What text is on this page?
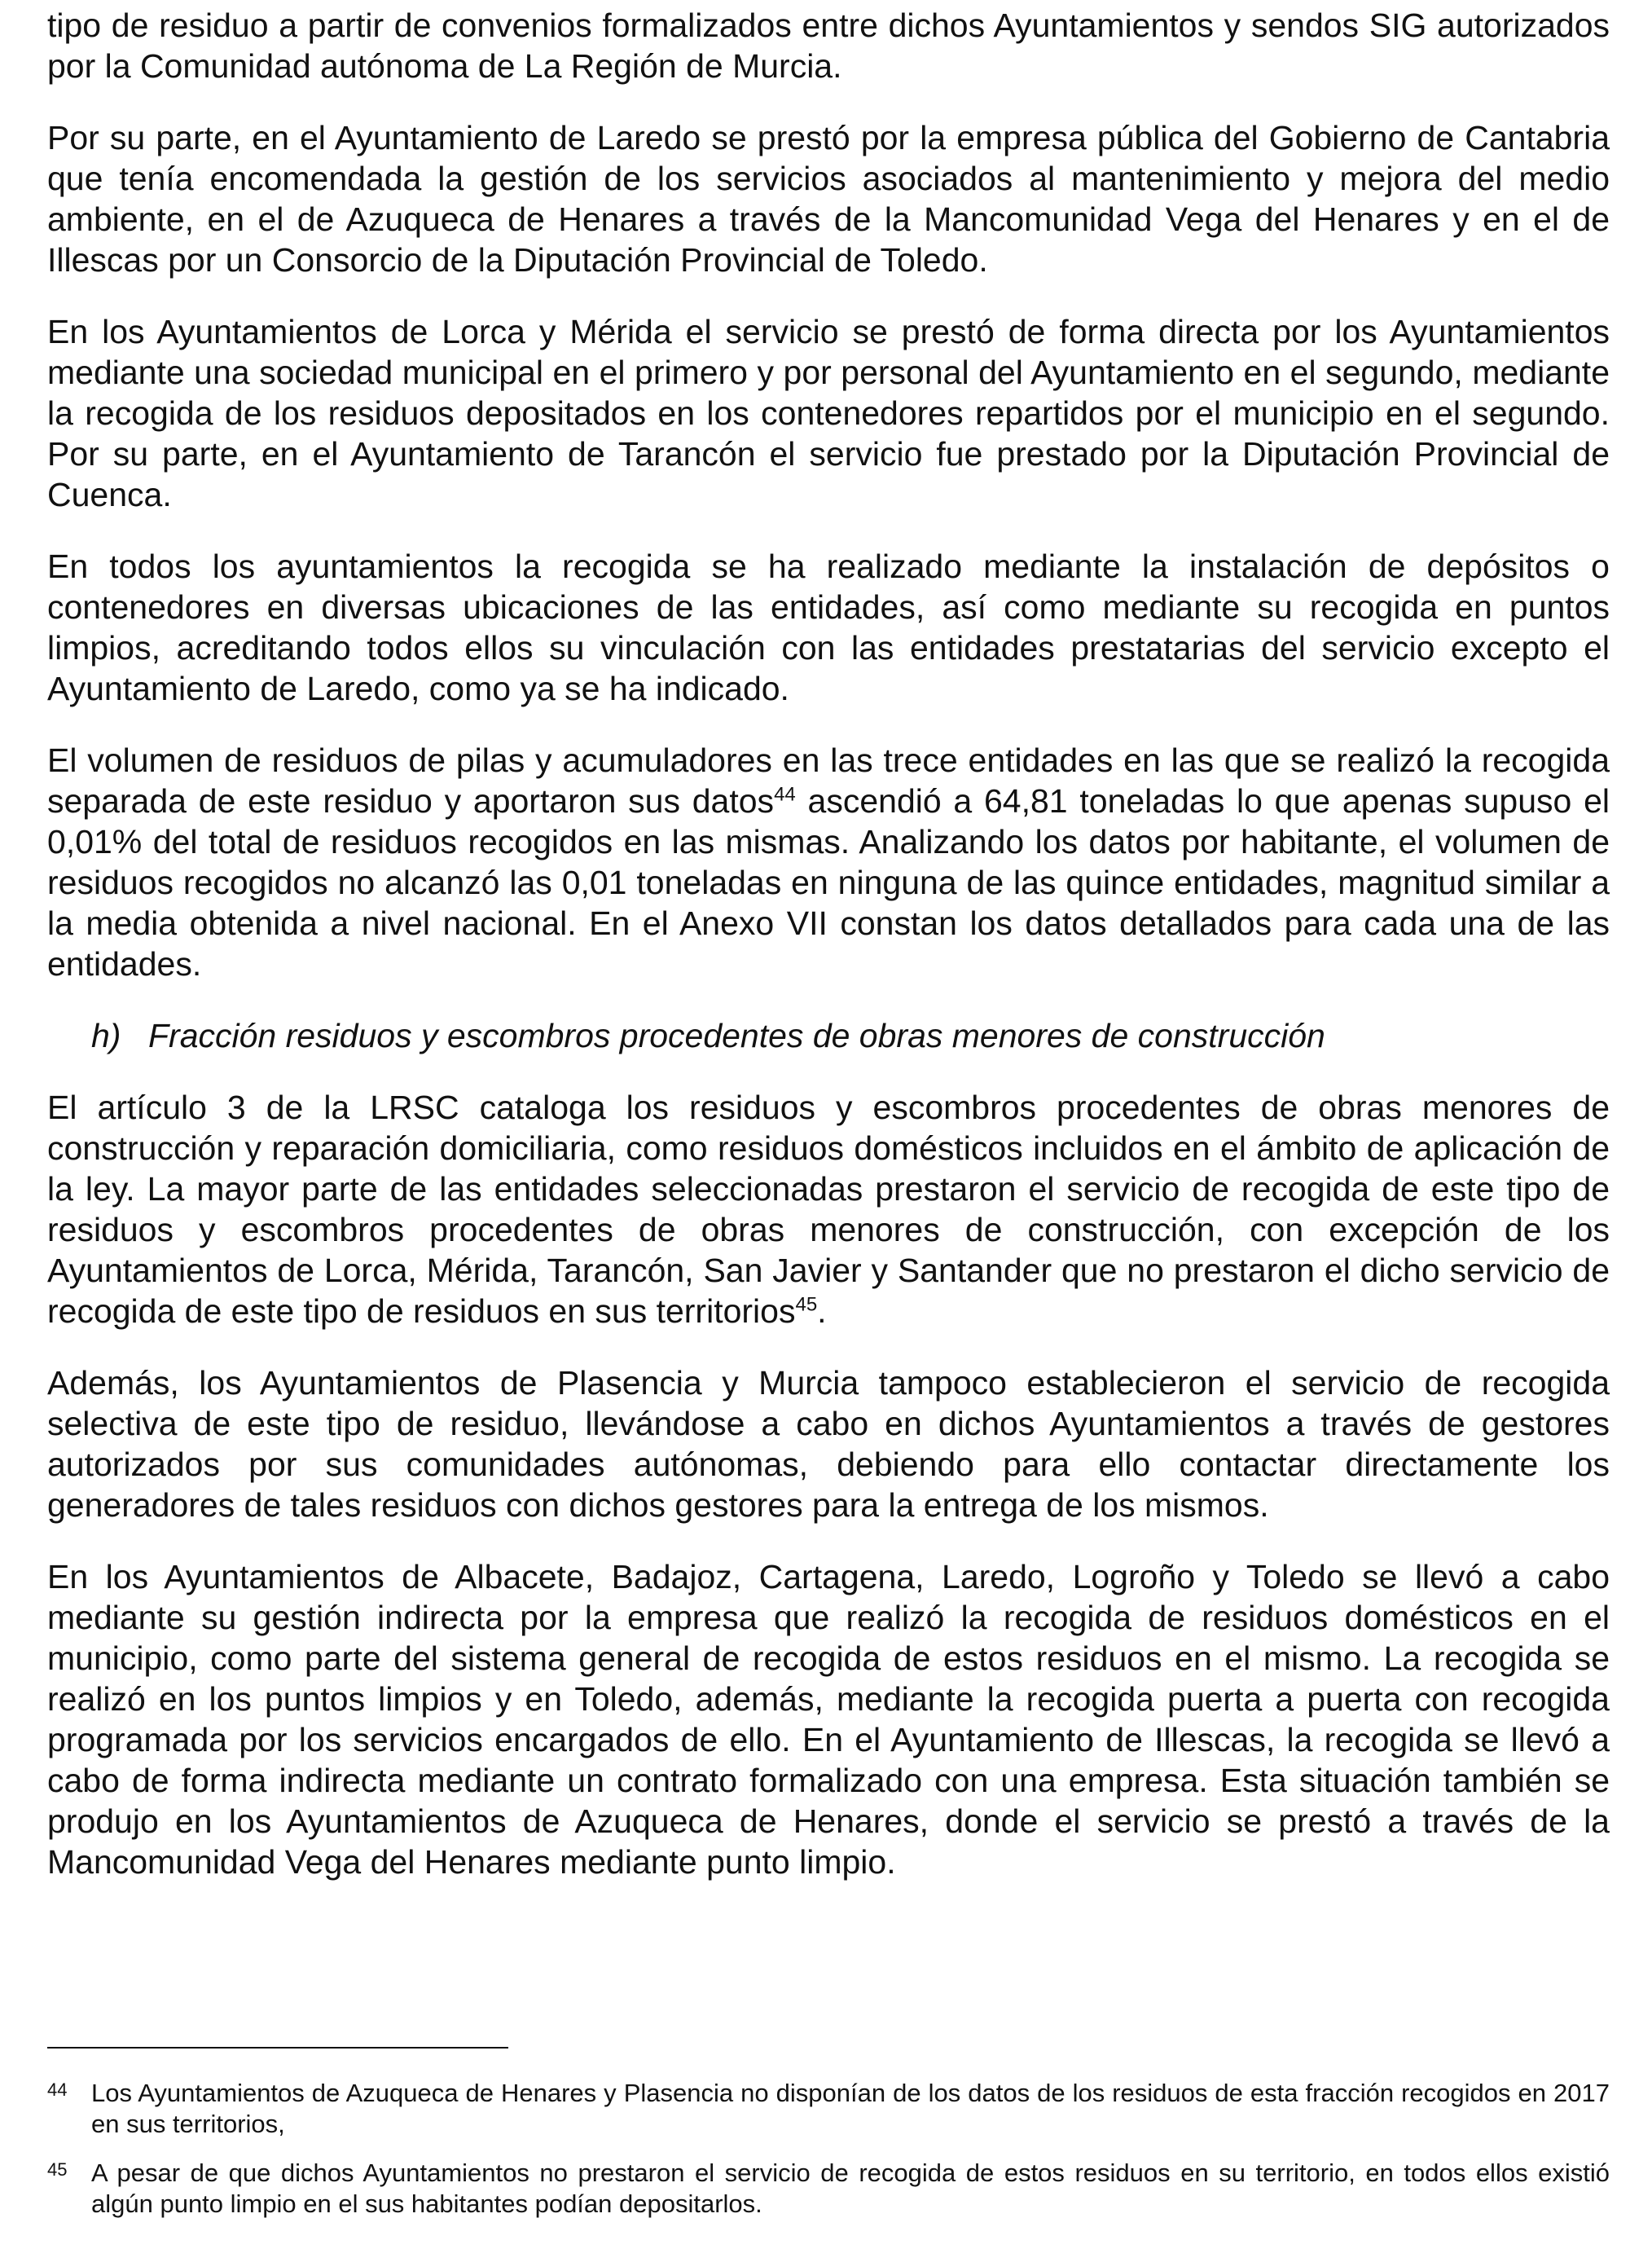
tipo de residuo a partir de convenios formalizados entre dichos Ayuntamientos y sendos SIG autorizados por la Comunidad autónoma de La Región de Murcia.

Por su parte, en el Ayuntamiento de Laredo se prestó por la empresa pública del Gobierno de Cantabria que tenía encomendada la gestión de los servicios asociados al mantenimiento y mejora del medio ambiente, en el de Azuqueca de Henares a través de la Mancomunidad Vega del Henares y en el de Illescas por un Consorcio de la Diputación Provincial de Toledo.

En los Ayuntamientos de Lorca y Mérida el servicio se prestó de forma directa por los Ayuntamientos mediante una sociedad municipal en el primero y por personal del Ayuntamiento en el segundo, mediante la recogida de los residuos depositados en los contenedores repartidos por el municipio en el segundo. Por su parte, en el Ayuntamiento de Tarancón el servicio fue prestado por la Diputación Provincial de Cuenca.

En todos los ayuntamientos la recogida se ha realizado mediante la instalación de depósitos o contenedores en diversas ubicaciones de las entidades, así como mediante su recogida en puntos limpios, acreditando todos ellos su vinculación con las entidades prestatarias del servicio excepto el Ayuntamiento de Laredo, como ya se ha indicado.

El volumen de residuos de pilas y acumuladores en las trece entidades en las que se realizó la recogida separada de este residuo y aportaron sus datos$^{44}$ ascendió a 64,81 toneladas lo que apenas supuso el 0,01% del total de residuos recogidos en las mismas. Analizando los datos por habitante, el volumen de residuos recogidos no alcanzó las 0,01 toneladas en ninguna de las quince entidades, magnitud similar a la media obtenida a nivel nacional. En el Anexo VII constan los datos detallados para cada una de las entidades.

h) Fracción residuos y escombros procedentes de obras menores de construcción

El artículo 3 de la LRSC cataloga los residuos y escombros procedentes de obras menores de construcción y reparación domiciliaria, como residuos domésticos incluidos en el ámbito de aplicación de la ley. La mayor parte de las entidades seleccionadas prestaron el servicio de recogida de este tipo de residuos y escombros procedentes de obras menores de construcción, con excepción de los Ayuntamientos de Lorca, Mérida, Tarancón, San Javier y Santander que no prestaron el dicho servicio de recogida de este tipo de residuos en sus territorios$^{45}$.

Además, los Ayuntamientos de Plasencia y Murcia tampoco establecieron el servicio de recogida selectiva de este tipo de residuo, llevándose a cabo en dichos Ayuntamientos a través de gestores autorizados por sus comunidades autónomas, debiendo para ello contactar directamente los generadores de tales residuos con dichos gestores para la entrega de los mismos.

En los Ayuntamientos de Albacete, Badajoz, Cartagena, Laredo, Logroño y Toledo se llevó a cabo mediante su gestión indirecta por la empresa que realizó la recogida de residuos domésticos en el municipio, como parte del sistema general de recogida de estos residuos en el mismo. La recogida se realizó en los puntos limpios y en Toledo, además, mediante la recogida puerta a puerta con recogida programada por los servicios encargados de ello. En el Ayuntamiento de Illescas, la recogida se llevó a cabo de forma indirecta mediante un contrato formalizado con una empresa. Esta situación también se produjo en los Ayuntamientos de Azuqueca de Henares, donde el servicio se prestó a través de la Mancomunidad Vega del Henares mediante punto limpio.

44 Los Ayuntamientos de Azuqueca de Henares y Plasencia no disponían de los datos de los residuos de esta fracción recogidos en 2017 en sus territorios,
45 A pesar de que dichos Ayuntamientos no prestaron el servicio de recogida de estos residuos en su territorio, en todos ellos existió algún punto limpio en el sus habitantes podían depositarlos.
